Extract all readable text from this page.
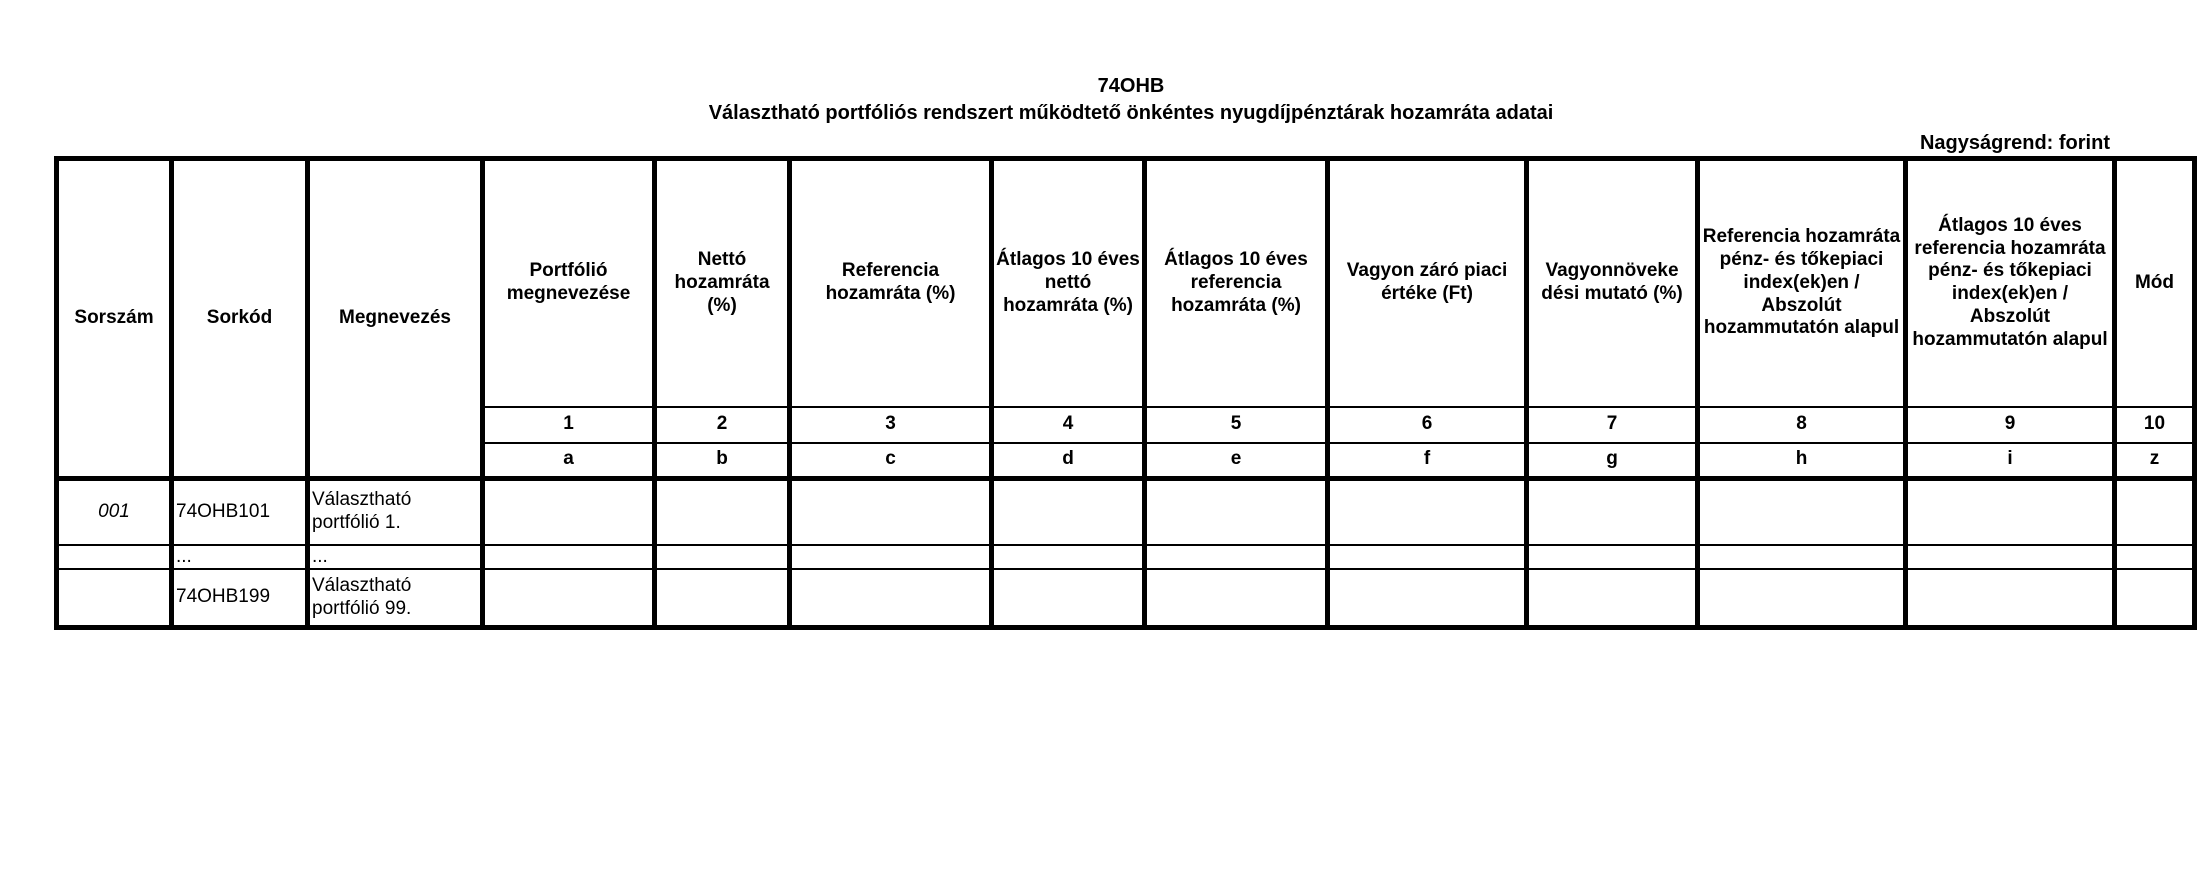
74OHB
Választható portfóliós rendszert működtető önkéntes nyugdíjpénztárak hozamráta adatai
Nagyságrend: forint
Sorszám	Sorkód	Megnevezés	Portfólió megnevezése	Nettó hozamráta (%)	Referencia hozamráta (%)	Átlagos 10 éves nettó hozamráta (%)	Átlagos 10 éves referencia hozamráta (%)	Vagyon záró piaci értéke (Ft)	Vagyonnöveke dési mutató (%)	Referencia hozamráta pénz- és tőkepiaci index(ek)en / Abszolút hozammutatón alapul	Átlagos 10 éves referencia hozamráta pénz- és tőkepiaci index(ek)en / Abszolút hozammutatón alapul	Mód
			1	2	3	4	5	6	7	8	9	10
			a	b	c	d	e	f	g	h	i	z
001	74OHB101	Választható portfólió 1.										
	...	...										
	74OHB199	Választható portfólió 99.										
